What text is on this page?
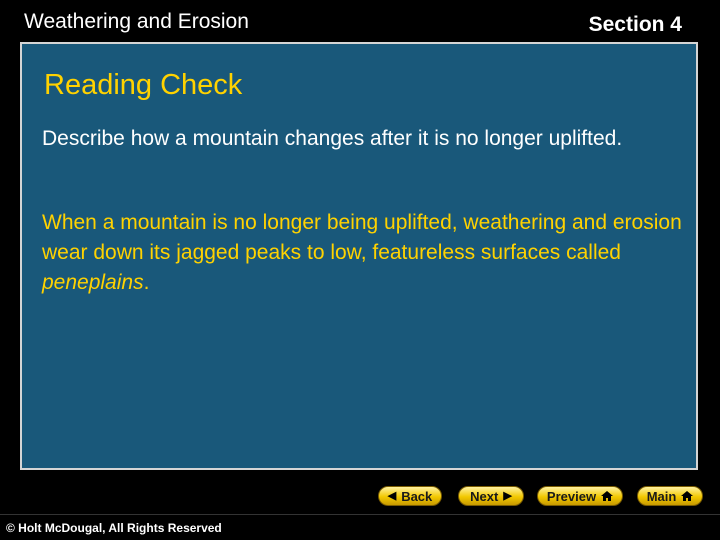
Weathering and Erosion	Section 4
Reading Check
Describe how a mountain changes after it is no longer uplifted.
When a mountain is no longer being uplifted, weathering and erosion wear down its jagged peaks to low, featureless surfaces called peneplains.
◀ Back	Next ▶	Preview	Main
© Holt McDougal, All Rights Reserved
